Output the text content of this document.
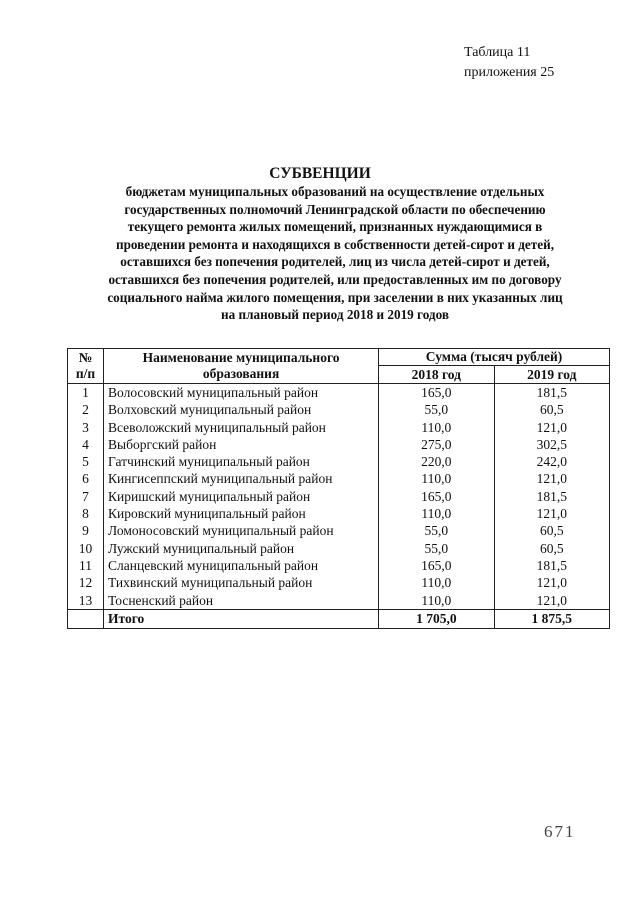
Таблица 11
приложения 25
СУБВЕНЦИИ
бюджетам муниципальных образований на осуществление отдельных
государственных полномочий Ленинградской области по обеспечению
текущего ремонта жилых помещений, признанных нуждающимися в
проведении ремонта и находящихся в собственности детей-сирот и детей,
оставшихся без попечения родителей, лиц из числа детей-сирот и детей,
оставшихся без попечения родителей, или предоставленных им по договору
социального найма жилого помещения, при заселении в них указанных лиц
на плановый период 2018 и 2019 годов
№ п/п	Наименование муниципального образования	Сумма (тысяч рублей)	
		2018 год	2019 год
1	Волосовский муниципальный район	165,0	181,5
2	Волховский муниципальный район	55,0	60,5
3	Всеволожский муниципальный район	110,0	121,0
4	Выборгский район	275,0	302,5
5	Гатчинский муниципальный район	220,0	242,0
6	Кингисеппский муниципальный район	110,0	121,0
7	Киришский муниципальный район	165,0	181,5
8	Кировский муниципальный район	110,0	121,0
9	Ломоносовский муниципальный район	55,0	60,5
10	Лужский муниципальный район	55,0	60,5
11	Сланцевский муниципальный район	165,0	181,5
12	Тихвинский муниципальный район	110,0	121,0
13	Тосненский район	110,0	121,0
	Итого	1 705,0	1 875,5
671
